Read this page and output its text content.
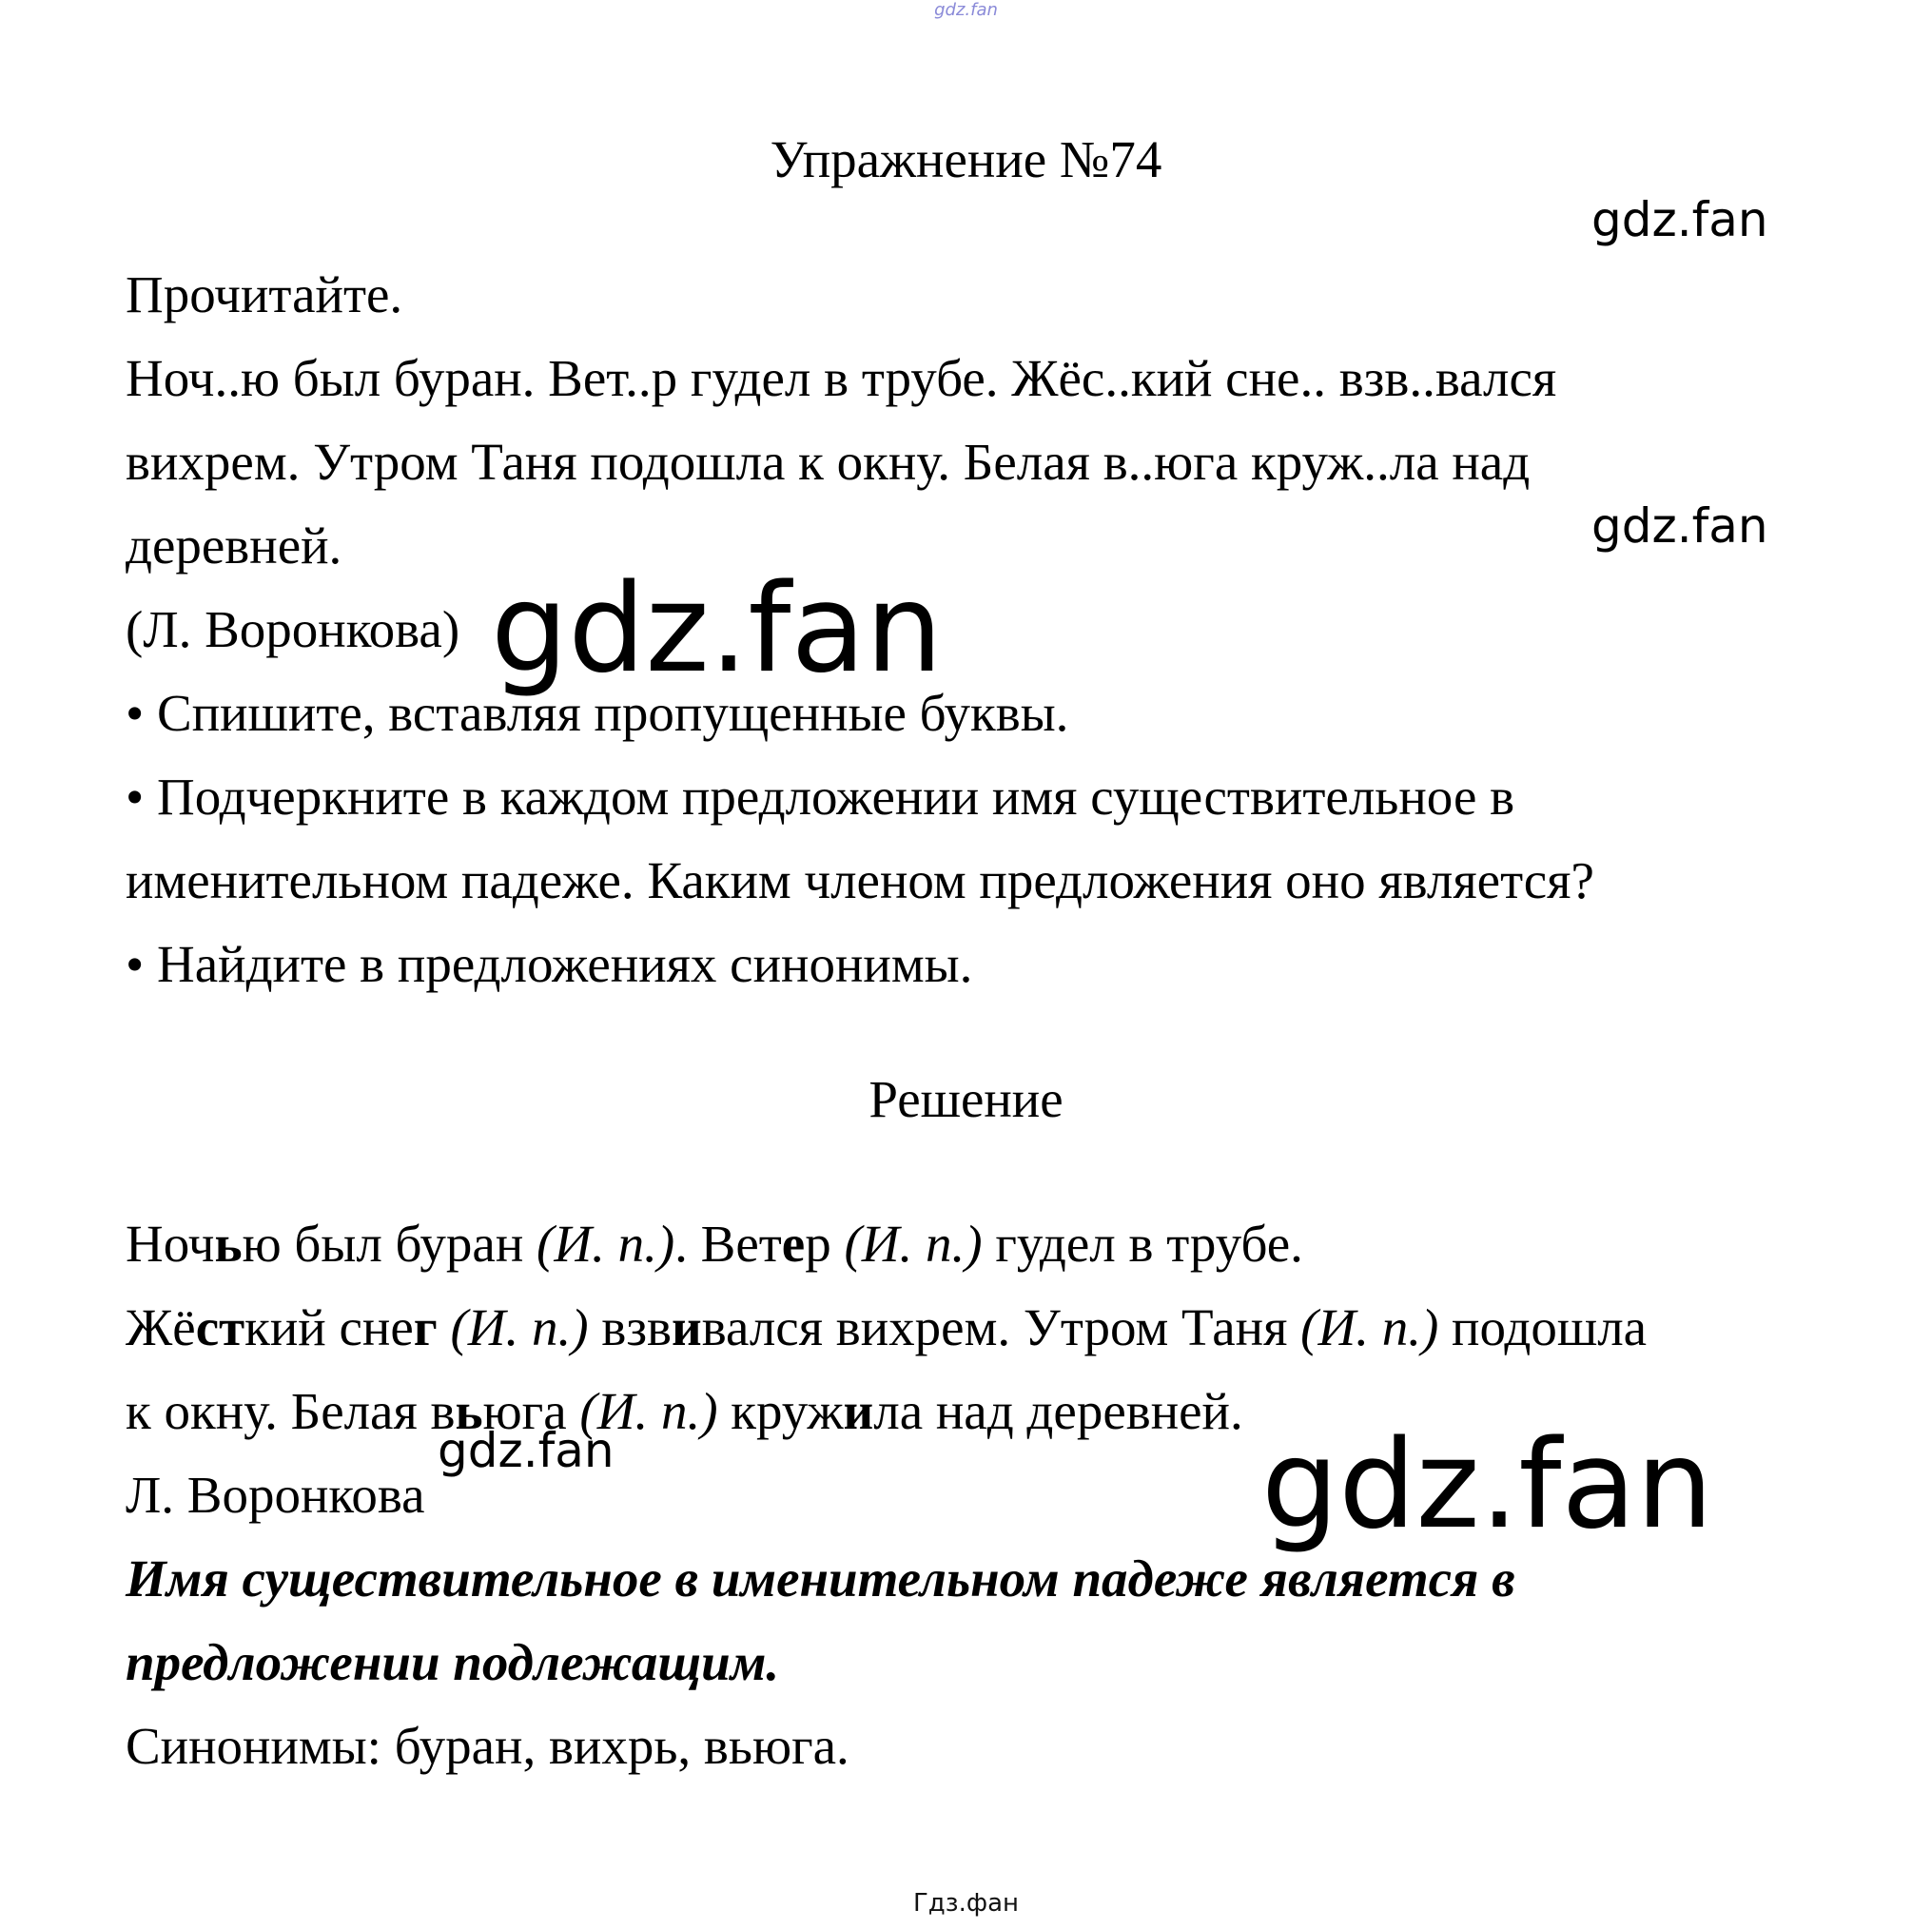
gdz.fan

Упражнение №74

Прочитайте.

Ноч..ю был буран. Вет..р гудел в трубе. Жёс..кий сне.. взв..вался

вихрем. Утром Таня подошла к окну. Белая в..юга круж..ла над

деревней.

(Л. Воронкова)

• Спишите, вставляя пропущенные буквы.

• Подчеркните в каждом предложении имя существительное в

именительном падеже. Каким членом предложения оно является?

• Найдите в предложениях синонимы.

Решение

Ночью был буран (И. п.). Ветер (И. п.) гудел в трубе.

Жёсткий снег (И. п.) взвивался вихрем. Утром Таня (И. п.) подошла

к окну. Белая вьюга (И. п.) кружила над деревней.

Л. Воронкова

Имя существительное в именительном падеже является в

предложении подлежащим.

Синонимы: буран, вихрь, вьюга.

gdz.fan
gdz.fan
gdz.fan
gdz.fan	gdz.fan
Гдз.фан
